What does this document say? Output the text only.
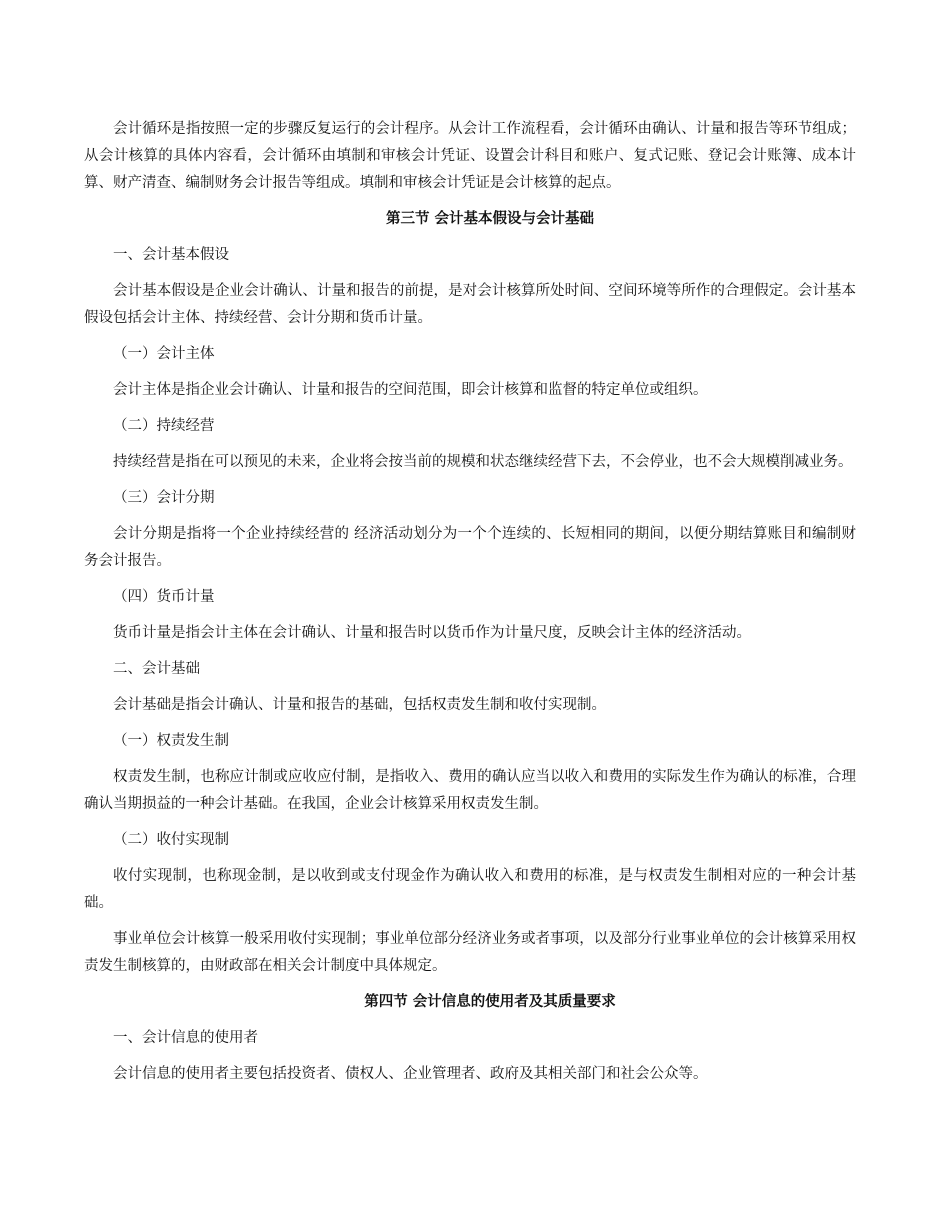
会计循环是指按照一定的步骤反复运行的会计程序。从会计工作流程看，会计循环由确认、计量和报告等环节组成；从会计核算的具体内容看，会计循环由填制和审核会计凭证、设置会计科目和账户、复式记账、登记会计账簿、成本计算、财产清查、编制财务会计报告等组成。填制和审核会计凭证是会计核算的起点。

第三节 会计基本假设与会计基础

一、会计基本假设

会计基本假设是企业会计确认、计量和报告的前提，是对会计核算所处时间、空间环境等所作的合理假定。会计基本假设包括会计主体、持续经营、会计分期和货币计量。

（一）会计主体

会计主体是指企业会计确认、计量和报告的空间范围，即会计核算和监督的特定单位或组织。

（二）持续经营

持续经营是指在可以预见的未来，企业将会按当前的规模和状态继续经营下去，不会停业，也不会大规模削减业务。

（三）会计分期

会计分期是指将一个企业持续经营的 经济活动划分为一个个连续的、长短相同的期间，以便分期结算账目和编制财务会计报告。

（四）货币计量

货币计量是指会计主体在会计确认、计量和报告时以货币作为计量尺度，反映会计主体的经济活动。

二、会计基础

会计基础是指会计确认、计量和报告的基础，包括权责发生制和收付实现制。

（一）权责发生制

权责发生制，也称应计制或应收应付制，是指收入、费用的确认应当以收入和费用的实际发生作为确认的标准，合理确认当期损益的一种会计基础。在我国，企业会计核算采用权责发生制。

（二）收付实现制

收付实现制，也称现金制，是以收到或支付现金作为确认收入和费用的标准，是与权责发生制相对应的一种会计基础。

事业单位会计核算一般采用收付实现制；事业单位部分经济业务或者事项，以及部分行业事业单位的会计核算采用权责发生制核算的，由财政部在相关会计制度中具体规定。

第四节 会计信息的使用者及其质量要求

一、会计信息的使用者

会计信息的使用者主要包括投资者、债权人、企业管理者、政府及其相关部门和社会公众等。
